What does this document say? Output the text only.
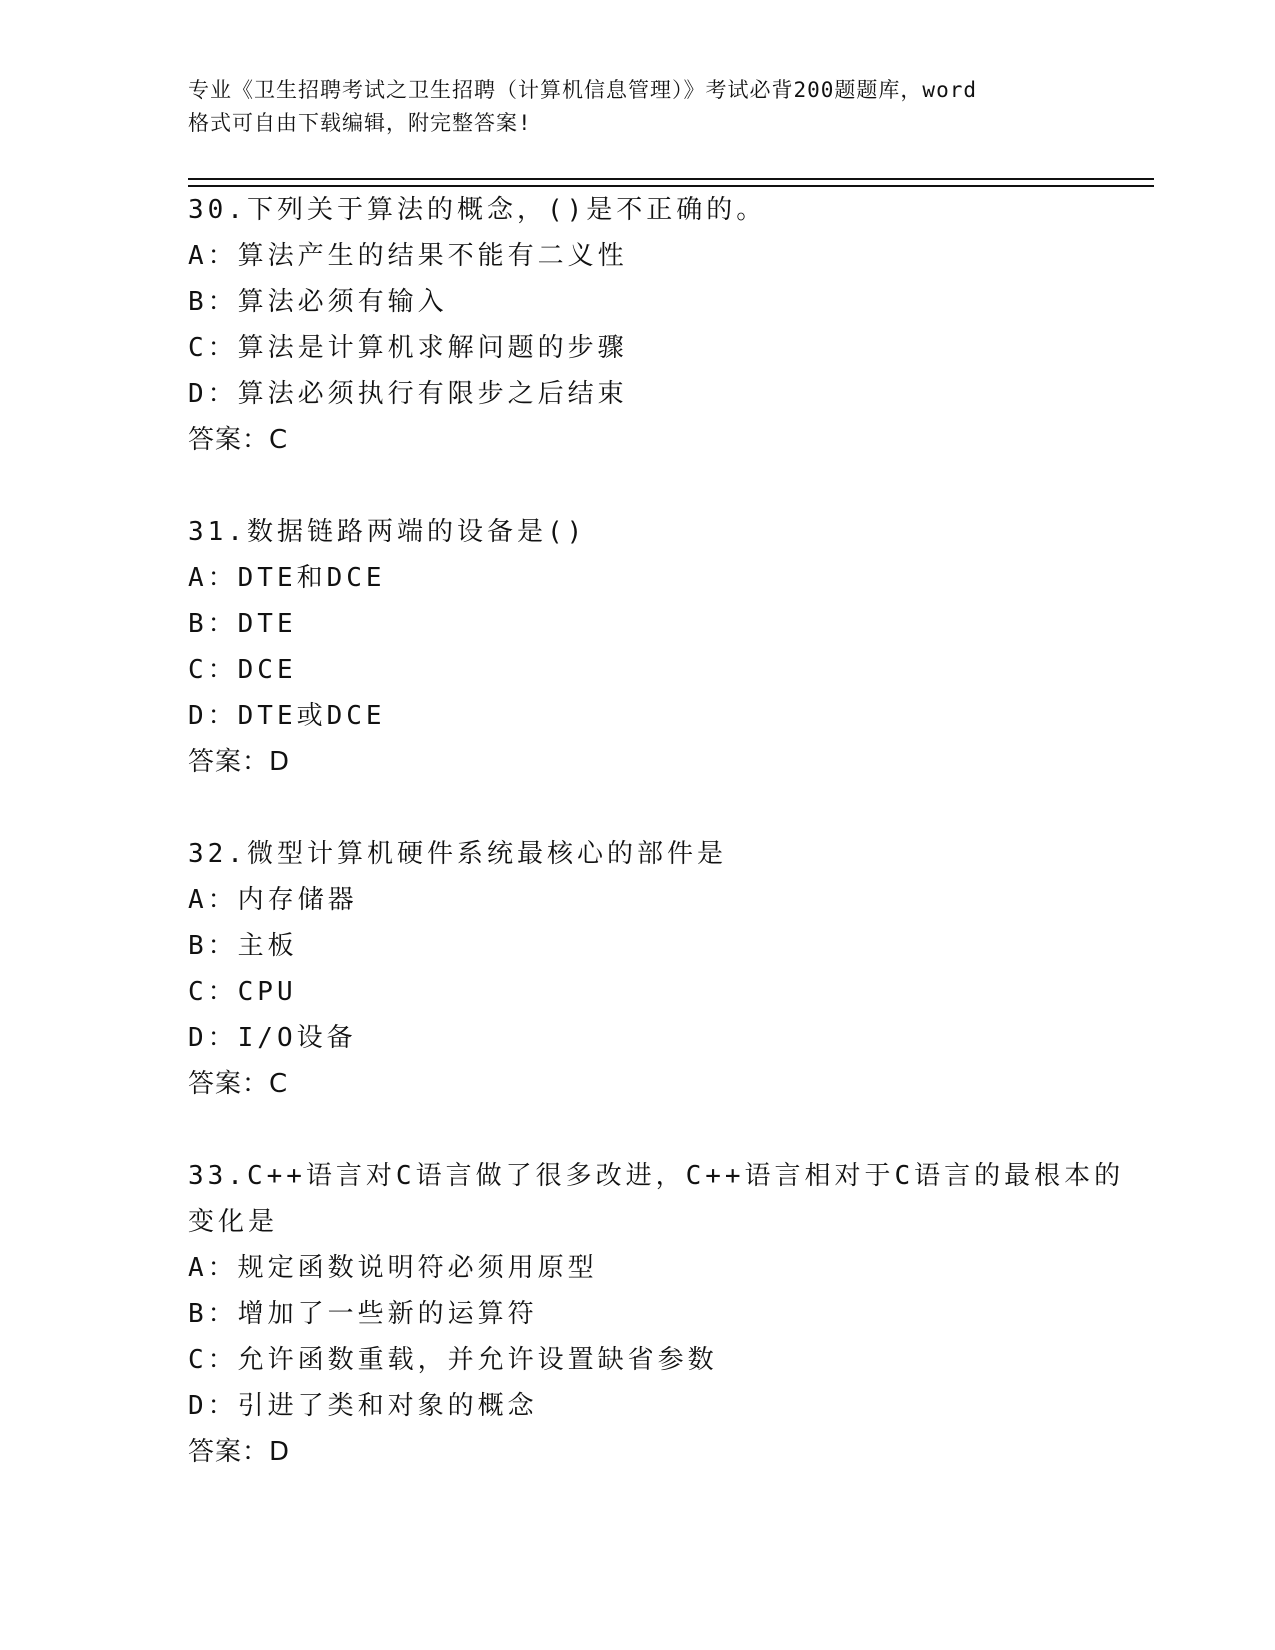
专业《卫生招聘考试之卫生招聘（计算机信息管理）》考试必背200题题库，word
格式可自由下载编辑，附完整答案!
30.下列关于算法的概念，()是不正确的。
A：算法产生的结果不能有二义性
B：算法必须有输入
C：算法是计算机求解问题的步骤
D：算法必须执行有限步之后结束
答案：C
31.数据链路两端的设备是()
A：DTE和DCE
B：DTE
C：DCE
D：DTE或DCE
答案：D
32.微型计算机硬件系统最核心的部件是
A：内存储器
B：主板
C：CPU
D：I/O设备
答案：C
33.C++语言对C语言做了很多改进，C++语言相对于C语言的最根本的
变化是
A：规定函数说明符必须用原型
B：增加了一些新的运算符
C：允许函数重载，并允许设置缺省参数
D：引进了类和对象的概念
答案：D
